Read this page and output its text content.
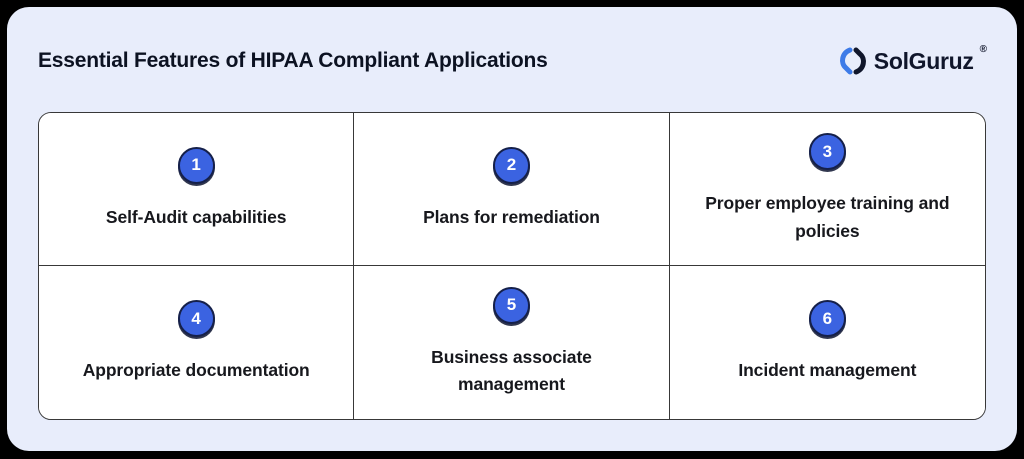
Essential Features of HIPAA Compliant Applications	SolGuruz ®
1
Self-Audit capabilities
2
Plans for remediation
3
Proper employee training and policies
4
Appropriate documentation
5
Business associate management
6
Incident management
